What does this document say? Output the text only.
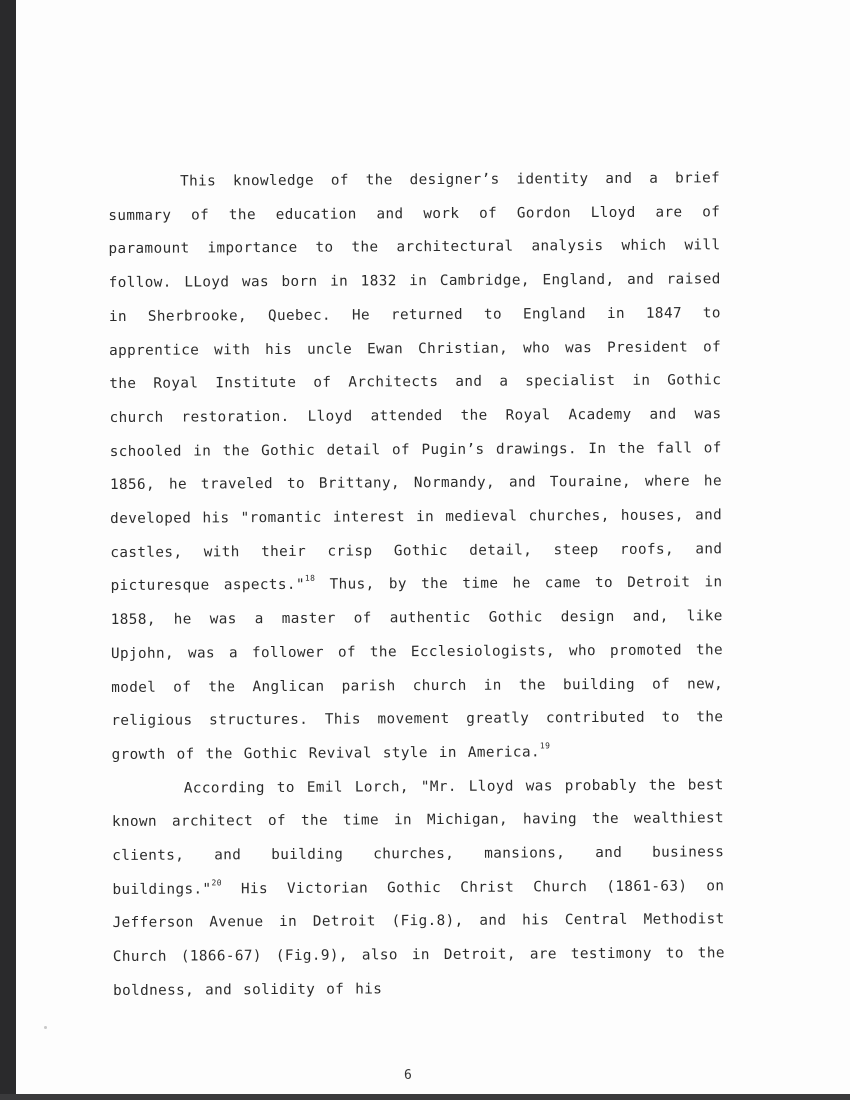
This knowledge of the designer’s identity and a brief summary of the education and work of Gordon Lloyd are of paramount importance to the architectural analysis which will follow. LLoyd was born in 1832 in Cambridge, England, and raised in Sherbrooke, Quebec. He returned to England in 1847 to apprentice with his uncle Ewan Christian, who was President of the Royal Institute of Architects and a specialist in Gothic church restoration. Lloyd attended the Royal Academy and was schooled in the Gothic detail of Pugin’s drawings. In the fall of 1856, he traveled to Brittany, Normandy, and Touraine, where he developed his "romantic interest in medieval churches, houses, and castles, with their crisp Gothic detail, steep roofs, and picturesque aspects."$^{18}$ Thus, by the time he came to Detroit in 1858, he was a master of authentic Gothic design and, like Upjohn, was a follower of the Ecclesiologists, who promoted the model of the Anglican parish church in the building of new, religious structures. This movement greatly contributed to the growth of the Gothic Revival style in America.$^{19}$

According to Emil Lorch, "Mr. Lloyd was probably the best known architect of the time in Michigan, having the wealthiest clients, and building churches, mansions, and business buildings."$^{20}$ His Victorian Gothic Christ Church (1861-63) on Jefferson Avenue in Detroit (Fig.8), and his Central Methodist Church (1866-67) (Fig.9), also in Detroit, are testimony to the boldness, and solidity of his

6
